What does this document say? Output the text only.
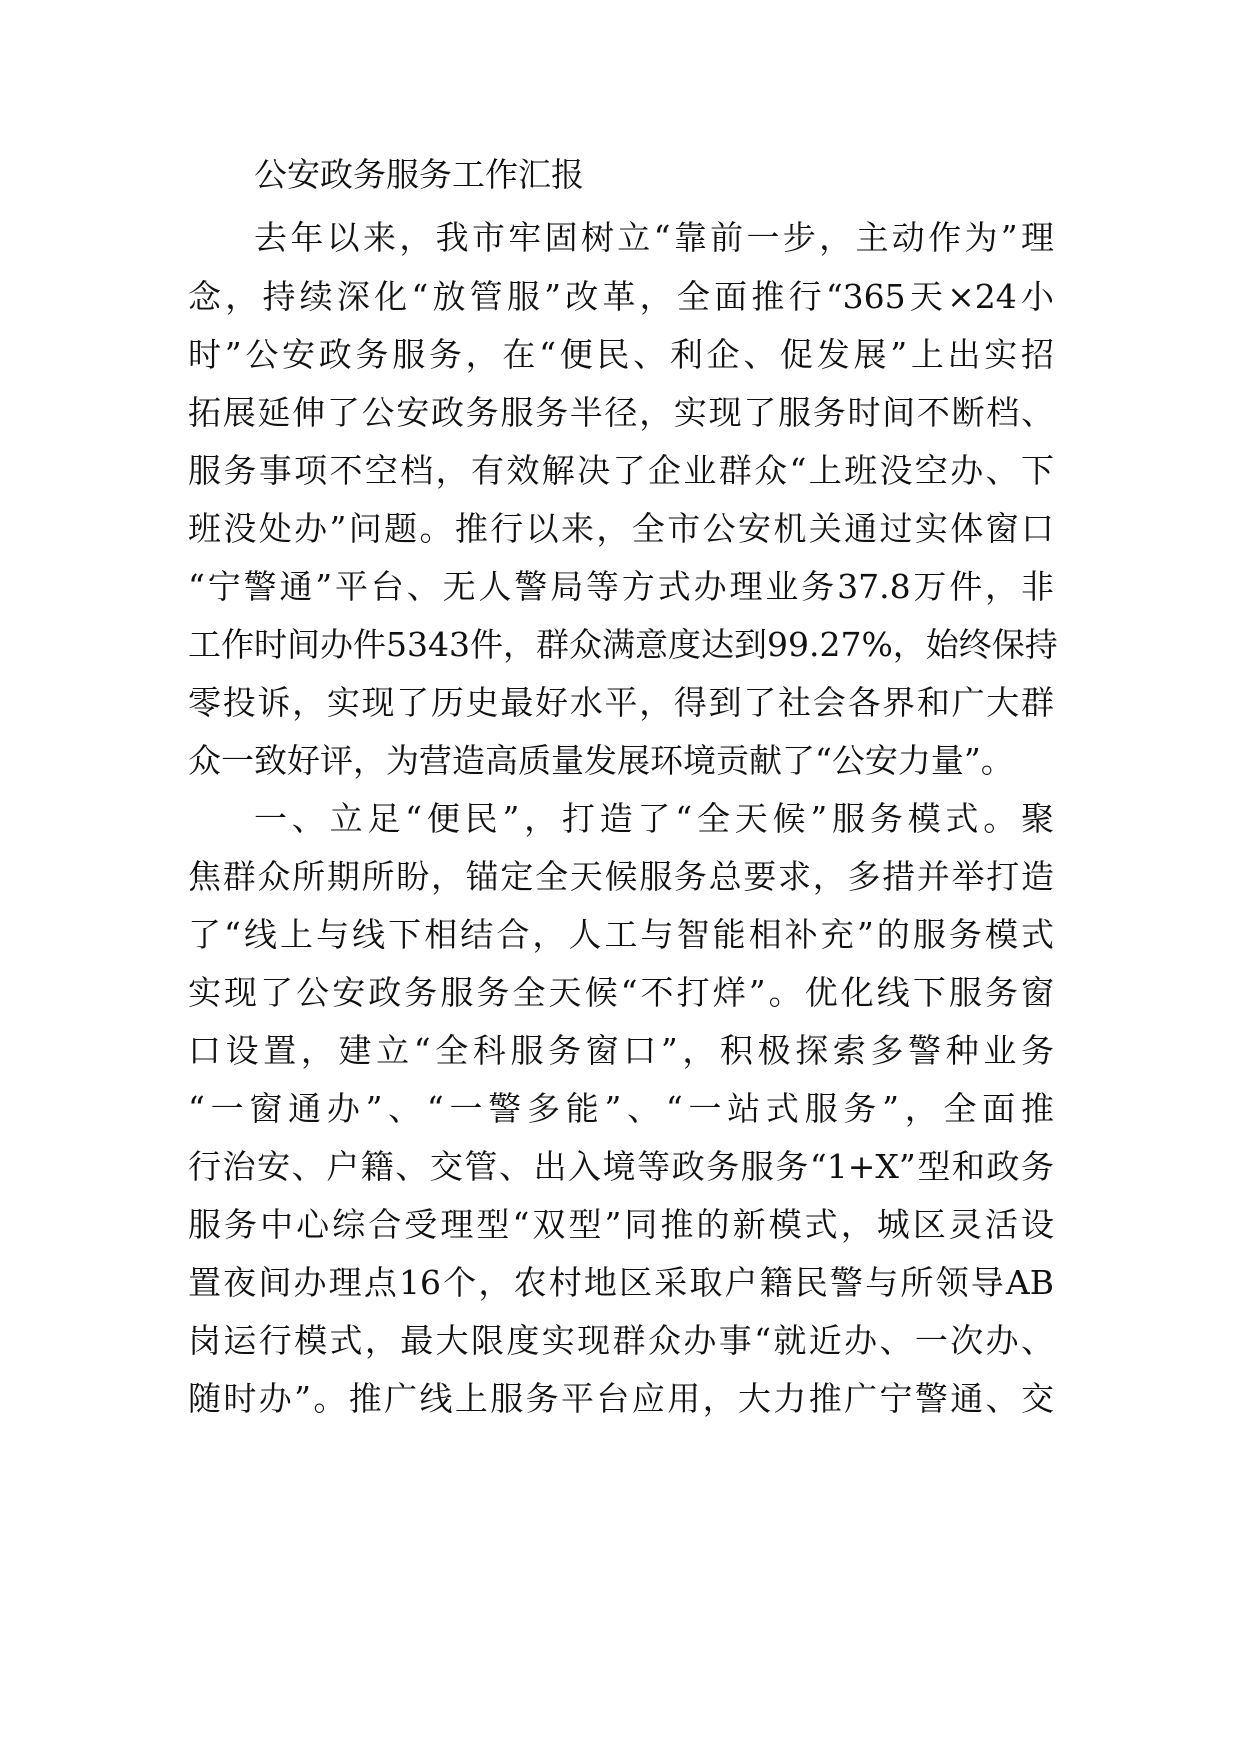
公安政务服务工作汇报

去年以来，我市牢固树立“靠前一步，主动作为”理

念，持续深化“放管服”改革，全面推行“365天×24小

时”公安政务服务，在“便民、利企、促发展”上出实招

拓展延伸了公安政务服务半径，实现了服务时间不断档、

服务事项不空档，有效解决了企业群众“上班没空办、下

班没处办”问题。推行以来，全市公安机关通过实体窗口

“宁警通”平台、无人警局等方式办理业务37.8万件，非

工作时间办件5343件，群众满意度达到99.27%，始终保持

零投诉，实现了历史最好水平，得到了社会各界和广大群

众一致好评，为营造高质量发展环境贡献了“公安力量”。

一、立足“便民”，打造了“全天候”服务模式。聚

焦群众所期所盼，锚定全天候服务总要求，多措并举打造

了“线上与线下相结合，人工与智能相补充”的服务模式

实现了公安政务服务全天候“不打烊”。优化线下服务窗

口设置，建立“全科服务窗口”，积极探索多警种业务

“一窗通办”、“一警多能”、“一站式服务”，全面推

行治安、户籍、交管、出入境等政务服务“1+X”型和政务

服务中心综合受理型“双型”同推的新模式，城区灵活设

置夜间办理点16个，农村地区采取户籍民警与所领导AB

岗运行模式，最大限度实现群众办事“就近办、一次办、

随时办”。推广线上服务平台应用，大力推广宁警通、交
